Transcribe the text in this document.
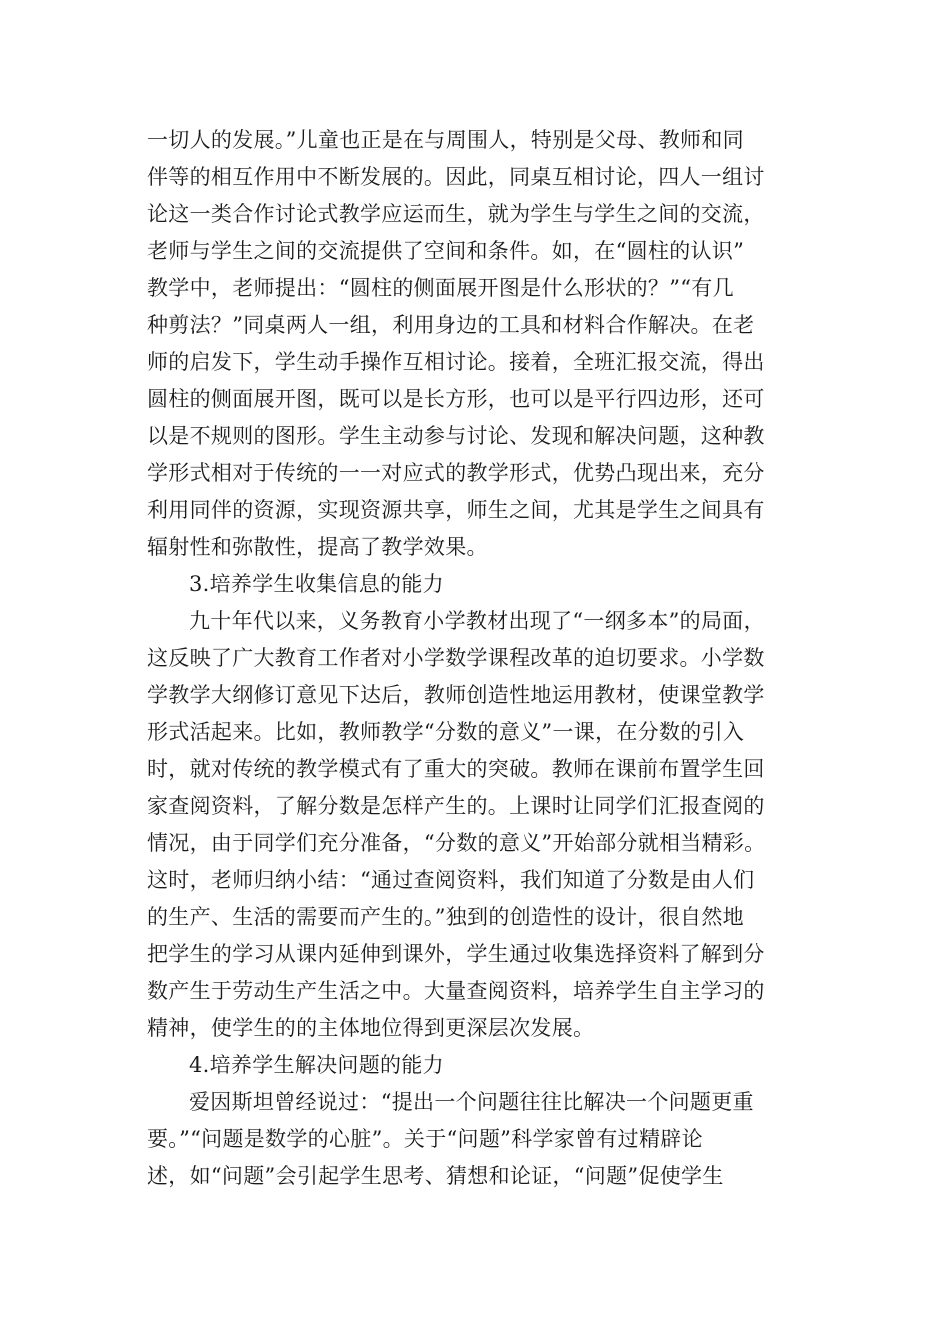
一切人的发展。”儿童也正是在与周围人，特别是父母、教师和同
伴等的相互作用中不断发展的。因此，同桌互相讨论，四人一组讨
论这一类合作讨论式教学应运而生，就为学生与学生之间的交流，
老师与学生之间的交流提供了空间和条件。如，在“圆柱的认识”
教学中，老师提出：“圆柱的侧面展开图是什么形状的？”“有几
种剪法？”同桌两人一组，利用身边的工具和材料合作解决。在老
师的启发下，学生动手操作互相讨论。接着，全班汇报交流，得出
圆柱的侧面展开图，既可以是长方形，也可以是平行四边形，还可
以是不规则的图形。学生主动参与讨论、发现和解决问题，这种教
学形式相对于传统的一一对应式的教学形式，优势凸现出来，充分
利用同伴的资源，实现资源共享，师生之间，尤其是学生之间具有
辐射性和弥散性，提高了教学效果。
3.培养学生收集信息的能力
九十年代以来，义务教育小学教材出现了“一纲多本”的局面，
这反映了广大教育工作者对小学数学课程改革的迫切要求。小学数
学教学大纲修订意见下达后，教师创造性地运用教材，使课堂教学
形式活起来。比如，教师教学“分数的意义”一课，在分数的引入
时，就对传统的教学模式有了重大的突破。教师在课前布置学生回
家查阅资料，了解分数是怎样产生的。上课时让同学们汇报查阅的
情况，由于同学们充分准备，“分数的意义”开始部分就相当精彩。
这时，老师归纳小结：“通过查阅资料，我们知道了分数是由人们
的生产、生活的需要而产生的。”独到的创造性的设计，很自然地
把学生的学习从课内延伸到课外，学生通过收集选择资料了解到分
数产生于劳动生产生活之中。大量查阅资料，培养学生自主学习的
精神，使学生的的主体地位得到更深层次发展。
4.培养学生解决问题的能力
爱因斯坦曾经说过：“提出一个问题往往比解决一个问题更重
要。”“问题是数学的心脏”。关于“问题”科学家曾有过精辟论
述，如“问题”会引起学生思考、猜想和论证，“问题”促使学生
